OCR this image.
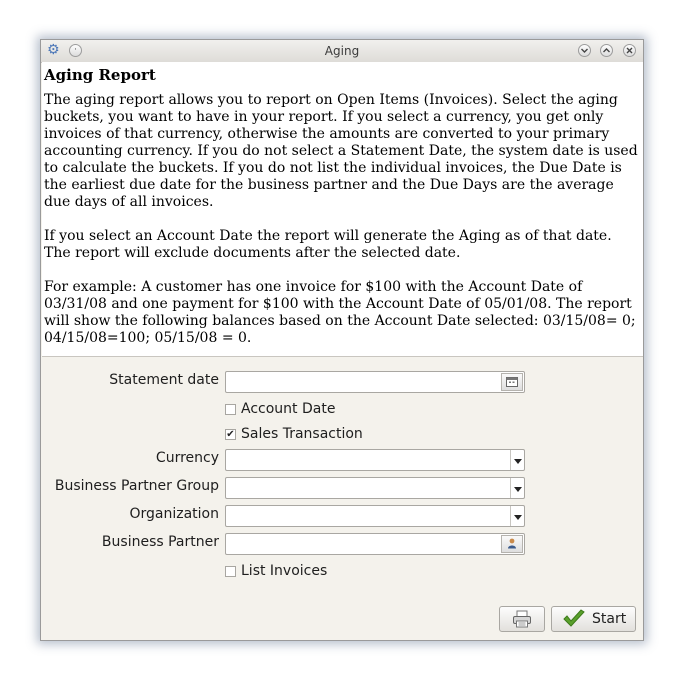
⚙	·	Aging
Aging Report

The aging report allows you to report on Open Items (Invoices). Select the aging buckets, you want to have in your report. If you select a currency, you get only invoices of that currency, otherwise the amounts are converted to your primary accounting currency. If you do not select a Statement Date, the system date is used to calculate the buckets. If you do not list the individual invoices, the Due Date is the earliest due date for the business partner and the Due Days are the average due days of all invoices.

If you select an Account Date the report will generate the Aging as of that date. The report will exclude documents after the selected date.

For example: A customer has one invoice for $100 with the Account Date of 03/31/08 and one payment for $100 with the Account Date of 05/01/08. The report will show the following balances based on the Account Date selected: 03/15/08= 0; 04/15/08=100; 05/15/08 = 0.

Statement date
Account Date
✔ Sales Transaction
Currency
Business Partner Group
Organization
Business Partner
List Invoices
Start
